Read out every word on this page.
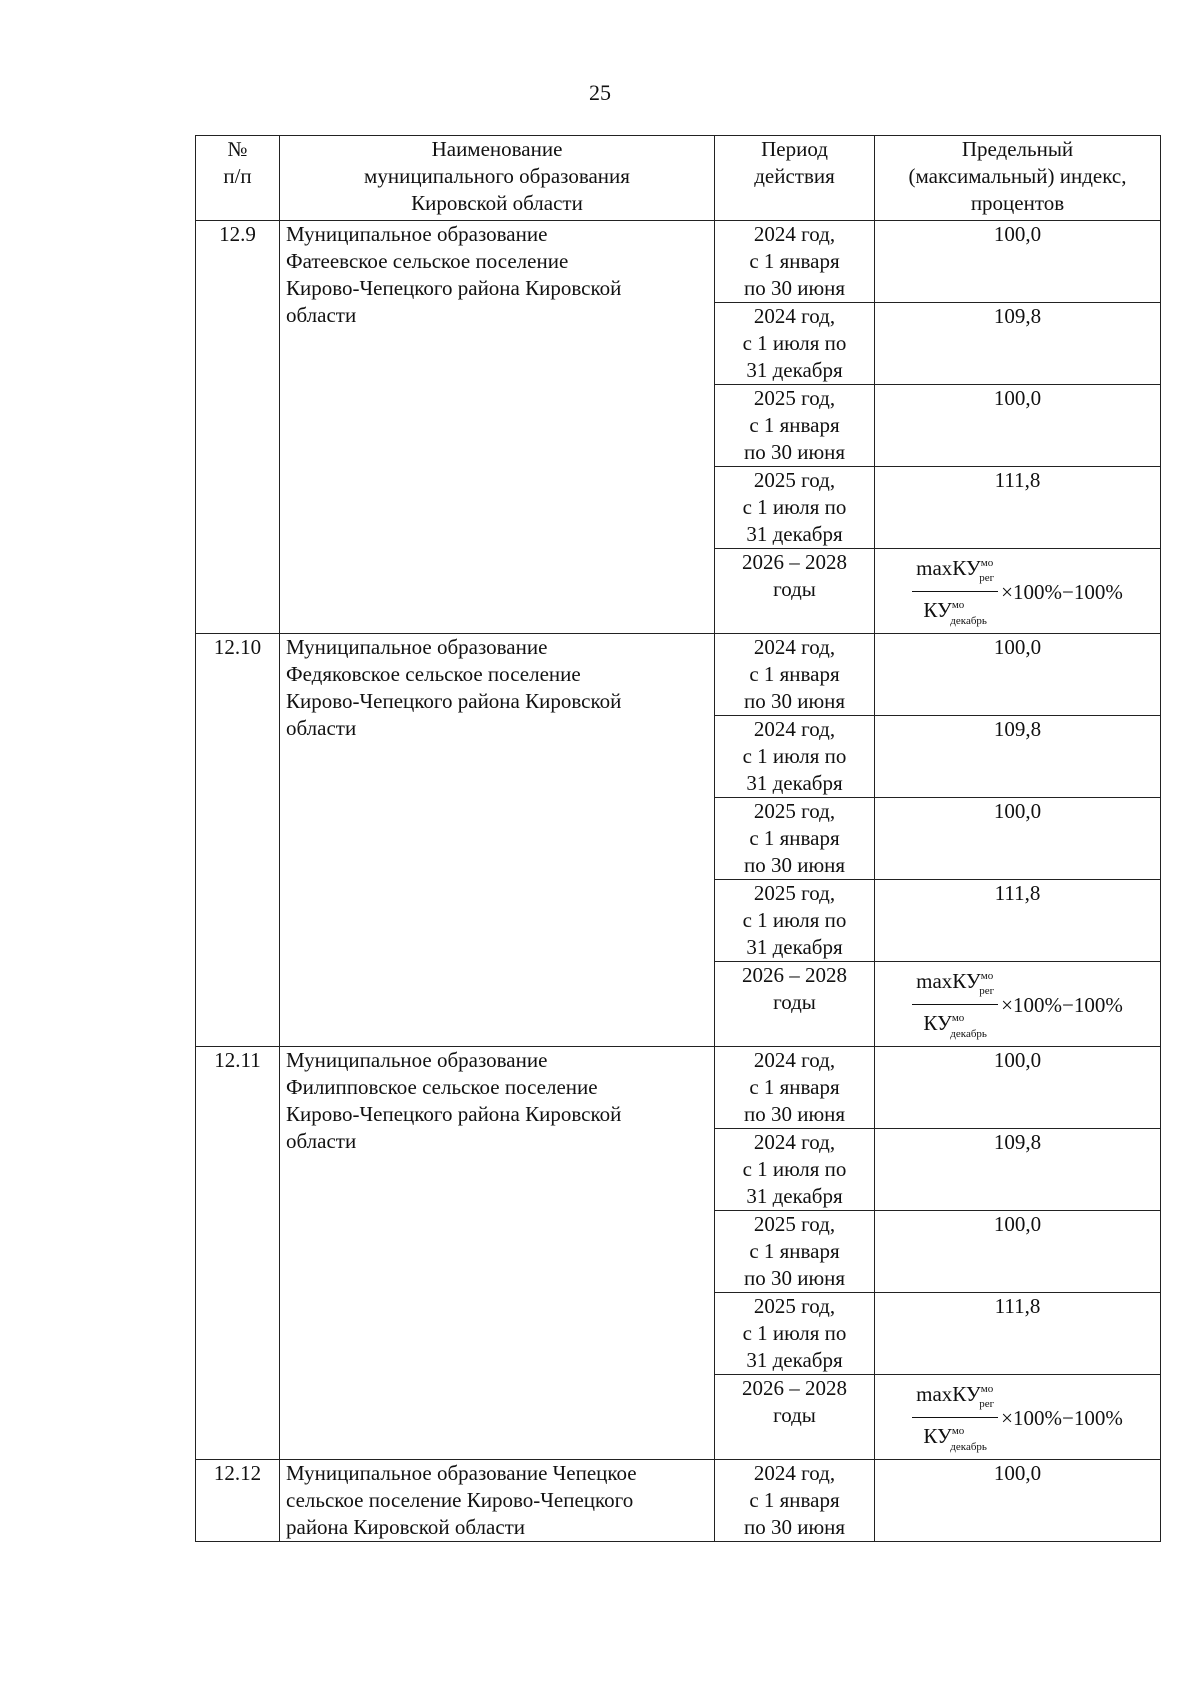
25
№
п/п	Наименование
муниципального образования
Кировской области	Период
действия	Предельный
(максимальный) индекс,
процентов

12.9	Муниципальное образование
Фатеевское сельское поселение
Кирово-Чепецкого района Кировской
области	2024 год,
с 1 января
по 30 июня	100,0

		2024 год,
с 1 июля по
31 декабря	109,8

		2025 год,
с 1 января
по 30 июня	100,0

		2025 год,
с 1 июля по
31 декабря	111,8

		2026 – 2028
годы	$\frac{\max КУ^{мо}_{рег}}{КУ^{мо}_{декабрь}} \times 100\%-100\%$

12.10	Муниципальное образование
Федяковское сельское поселение
Кирово-Чепецкого района Кировской
области	2024 год,
с 1 января
по 30 июня	100,0

		2024 год,
с 1 июля по
31 декабря	109,8

		2025 год,
с 1 января
по 30 июня	100,0

		2025 год,
с 1 июля по
31 декабря	111,8

		2026 – 2028
годы	$\frac{\max КУ^{мо}_{рег}}{КУ^{мо}_{декабрь}} \times 100\%-100\%$

12.11	Муниципальное образование
Филипповское сельское поселение
Кирово-Чепецкого района Кировской
области	2024 год,
с 1 января
по 30 июня	100,0

		2024 год,
с 1 июля по
31 декабря	109,8

		2025 год,
с 1 января
по 30 июня	100,0

		2025 год,
с 1 июля по
31 декабря	111,8

		2026 – 2028
годы	$\frac{\max КУ^{мо}_{рег}}{КУ^{мо}_{декабрь}} \times 100\%-100\%$

12.12	Муниципальное образование Чепецкое
сельское поселение Кирово-Чепецкого
района Кировской области	2024 год,
с 1 января
по 30 июня	100,0
